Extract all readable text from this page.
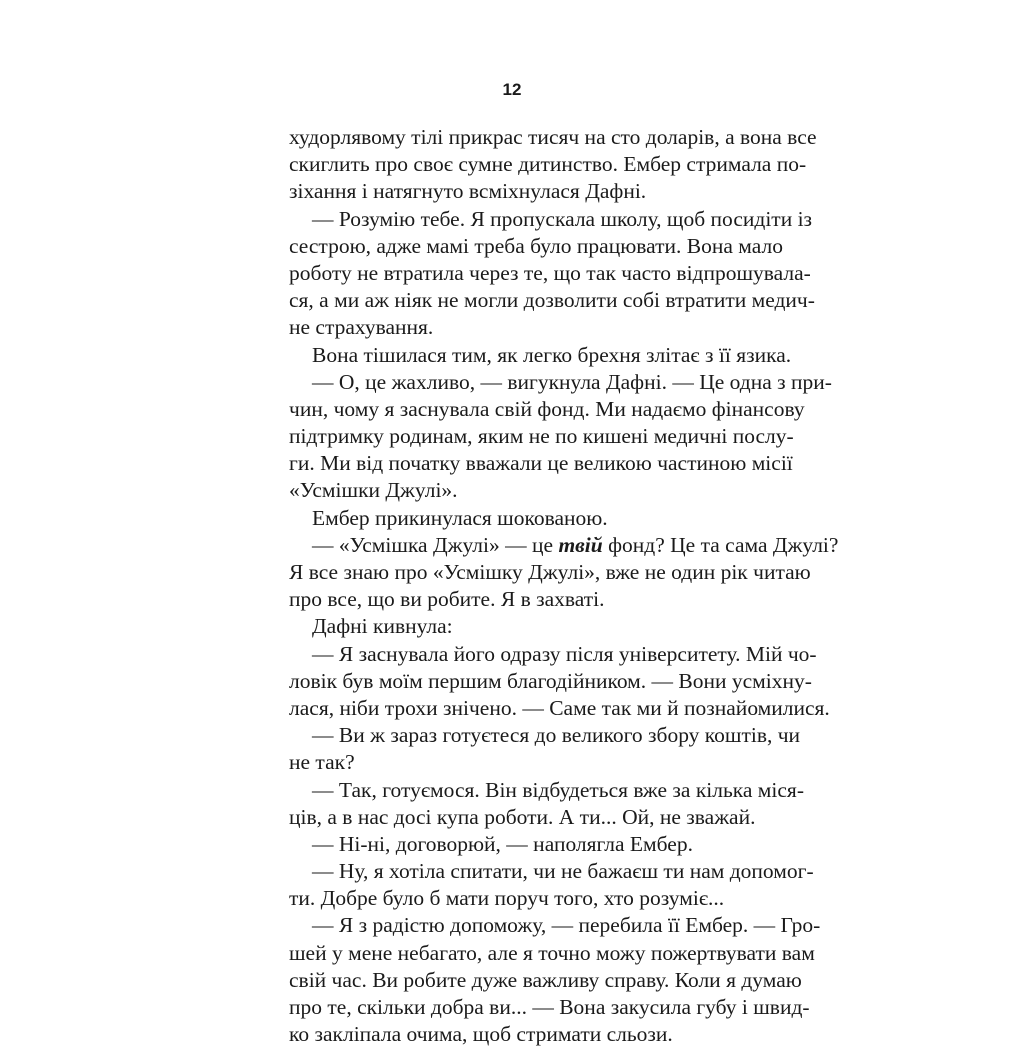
12
худорлявому тілі прикрас тисяч на сто доларів, а вона все
скиглить про своє сумне дитинство. Ембер стримала по-
зіхання і натягнуто всміхнулася Дафні.
— Розумію тебе. Я пропускала школу, щоб посидіти із
сестрою, адже мамі треба було працювати. Вона мало
роботу не втратила через те, що так часто відпрошувала-
ся, а ми аж ніяк не могли дозволити собі втратити медич-
не страхування.
Вона тішилася тим, як легко брехня злітає з її язика.
— О, це жахливо, — вигукнула Дафні. — Це одна з при-
чин, чому я заснувала свій фонд. Ми надаємо фінансову
підтримку родинам, яким не по кишені медичні послу-
ги. Ми від початку вважали це великою частиною місії
«Усмішки Джулі».
Ембер прикинулася шокованою.
— «Усмішка Джулі» — це твій фонд? Це та сама Джулі?
Я все знаю про «Усмішку Джулі», вже не один рік читаю
про все, що ви робите. Я в захваті.
Дафні кивнула:
— Я заснувала його одразу після університету. Мій чо-
ловік був моїм першим благодійником. — Вони усміхну-
лася, ніби трохи знічено. — Саме так ми й познайомилися.
— Ви ж зараз готуєтеся до великого збору коштів, чи
не так?
— Так, готуємося. Він відбудеться вже за кілька міся-
ців, а в нас досі купа роботи. А ти... Ой, не зважай.
— Ні-ні, договорюй, — наполягла Ембер.
— Ну, я хотіла спитати, чи не бажаєш ти нам допомог-
ти. Добре було б мати поруч того, хто розуміє...
— Я з радістю допоможу, — перебила її Ембер. — Гро-
шей у мене небагато, але я точно можу пожертвувати вам
свій час. Ви робите дуже важливу справу. Коли я думаю
про те, скільки добра ви... — Вона закусила губу і швид-
ко закліпала очима, щоб стримати сльози.
